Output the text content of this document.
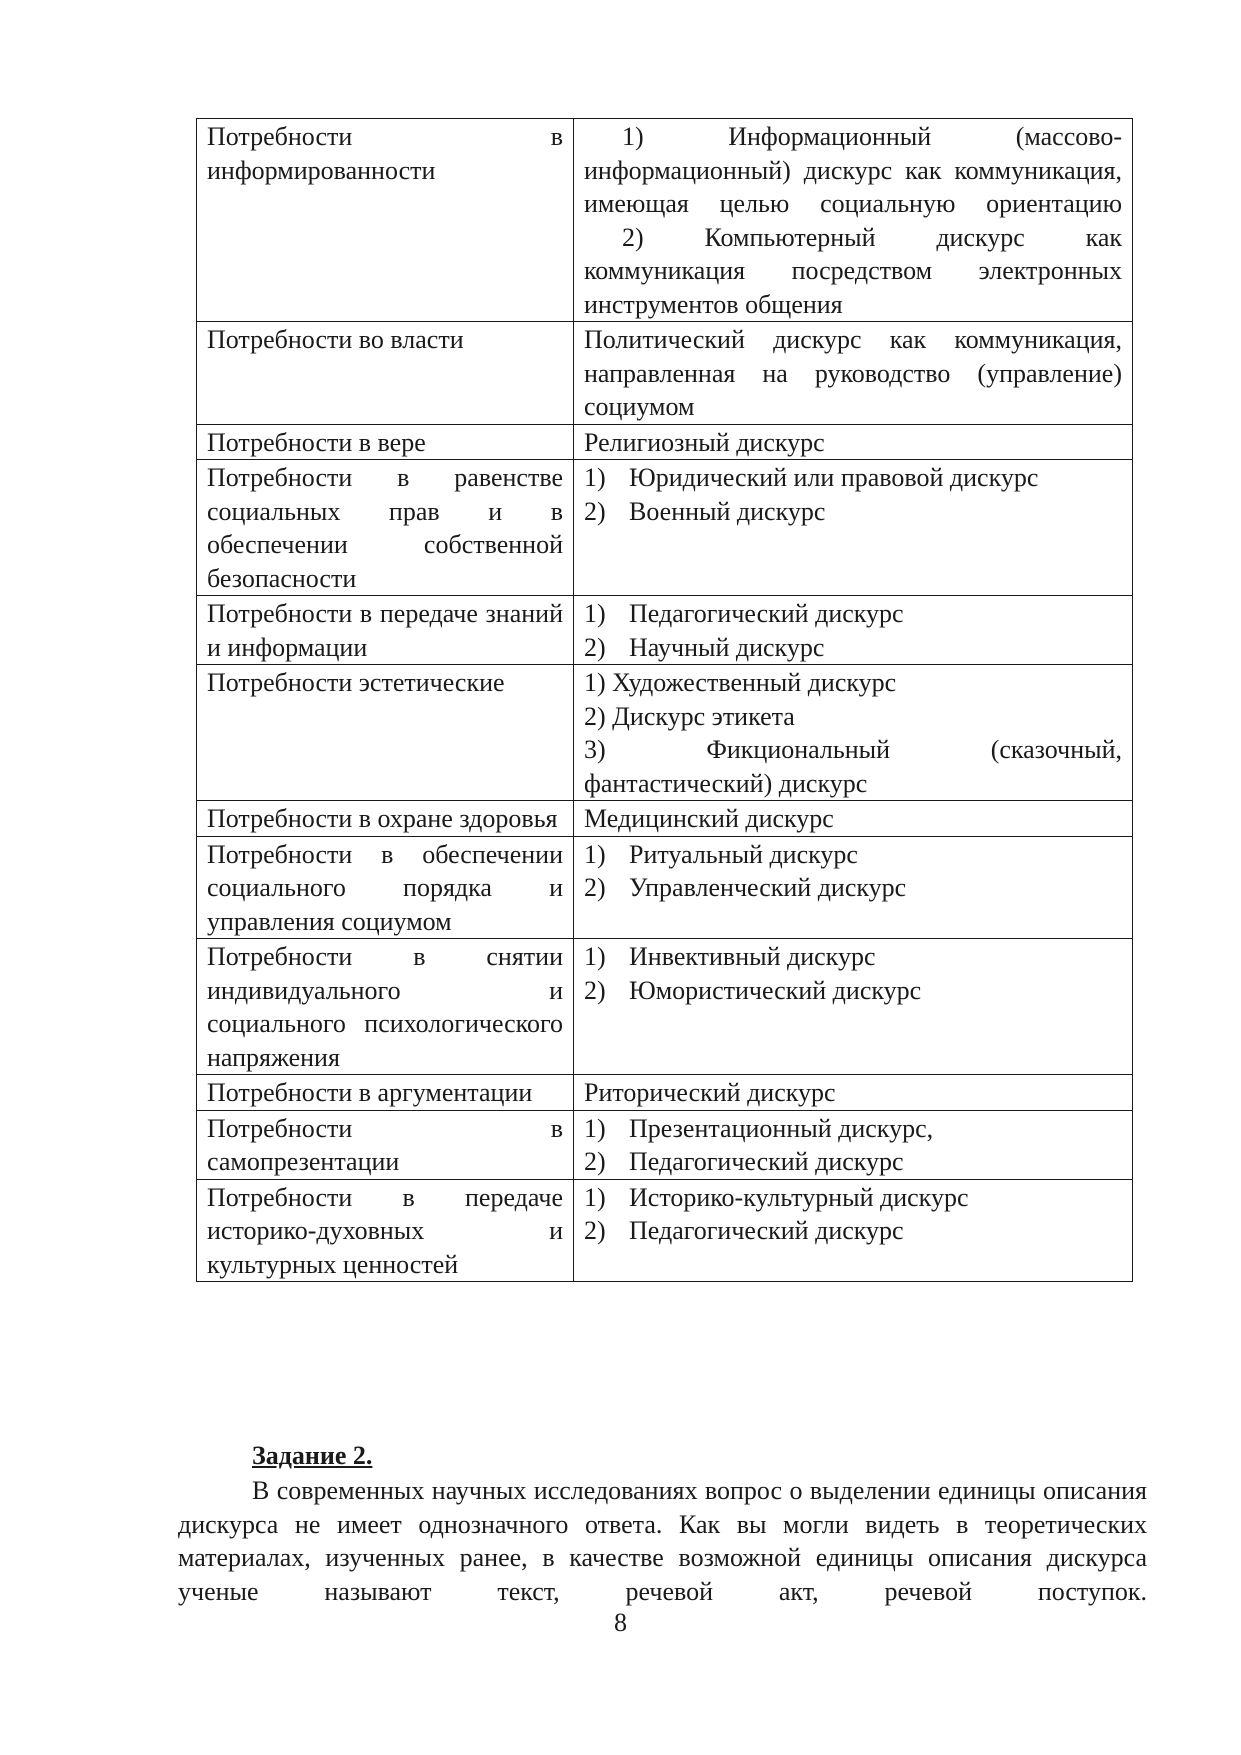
Потребности в информированности	1) Информационный (массово-информационный) дискурс как коммуникация, имеющая целью социальную ориентацию
2) Компьютерный дискурс как коммуникация посредством электронных инструментов общения

Потребности во власти	Политический дискурс как коммуникация, направленная на руководство (управление) социумом
Потребности в вере	Религиозный дискурс
Потребности в равенстве социальных прав и в обеспечении собственной безопасности	1) Юридический или правовой дискурс
2) Военный дискурс

Потребности в передаче знаний и информации	1) Педагогический дискурс
2) Научный дискурс

Потребности эстетические	1) Художественный дискурс
2) Дискурс этикета
3) Фикциональный (сказочный, фантастический) дискурс

Потребности в охране здоровья	Медицинский дискурс
Потребности в обеспечении социального порядка и управления социумом	1) Ритуальный дискурс
2) Управленческий дискурс

Потребности в снятии индивидуального и социального психологического напряжения	1) Инвективный дискурс
2) Юмористический дискурс

Потребности в аргументации	Риторический дискурс
Потребности в самопрезентации	1) Презентационный дискурс,
2) Педагогический дискурс

Потребности в передаче историко-духовных и культурных ценностей	1) Историко-культурный дискурс
2) Педагогический дискурс
Задание 2.
В современных научных исследованиях вопрос о выделении единицы описания дискурса не имеет однозначного ответа. Как вы могли видеть в теоретических материалах, изученных ранее, в качестве возможной единицы описания дискурса ученые называют текст, речевой акт, речевой поступок.
8
